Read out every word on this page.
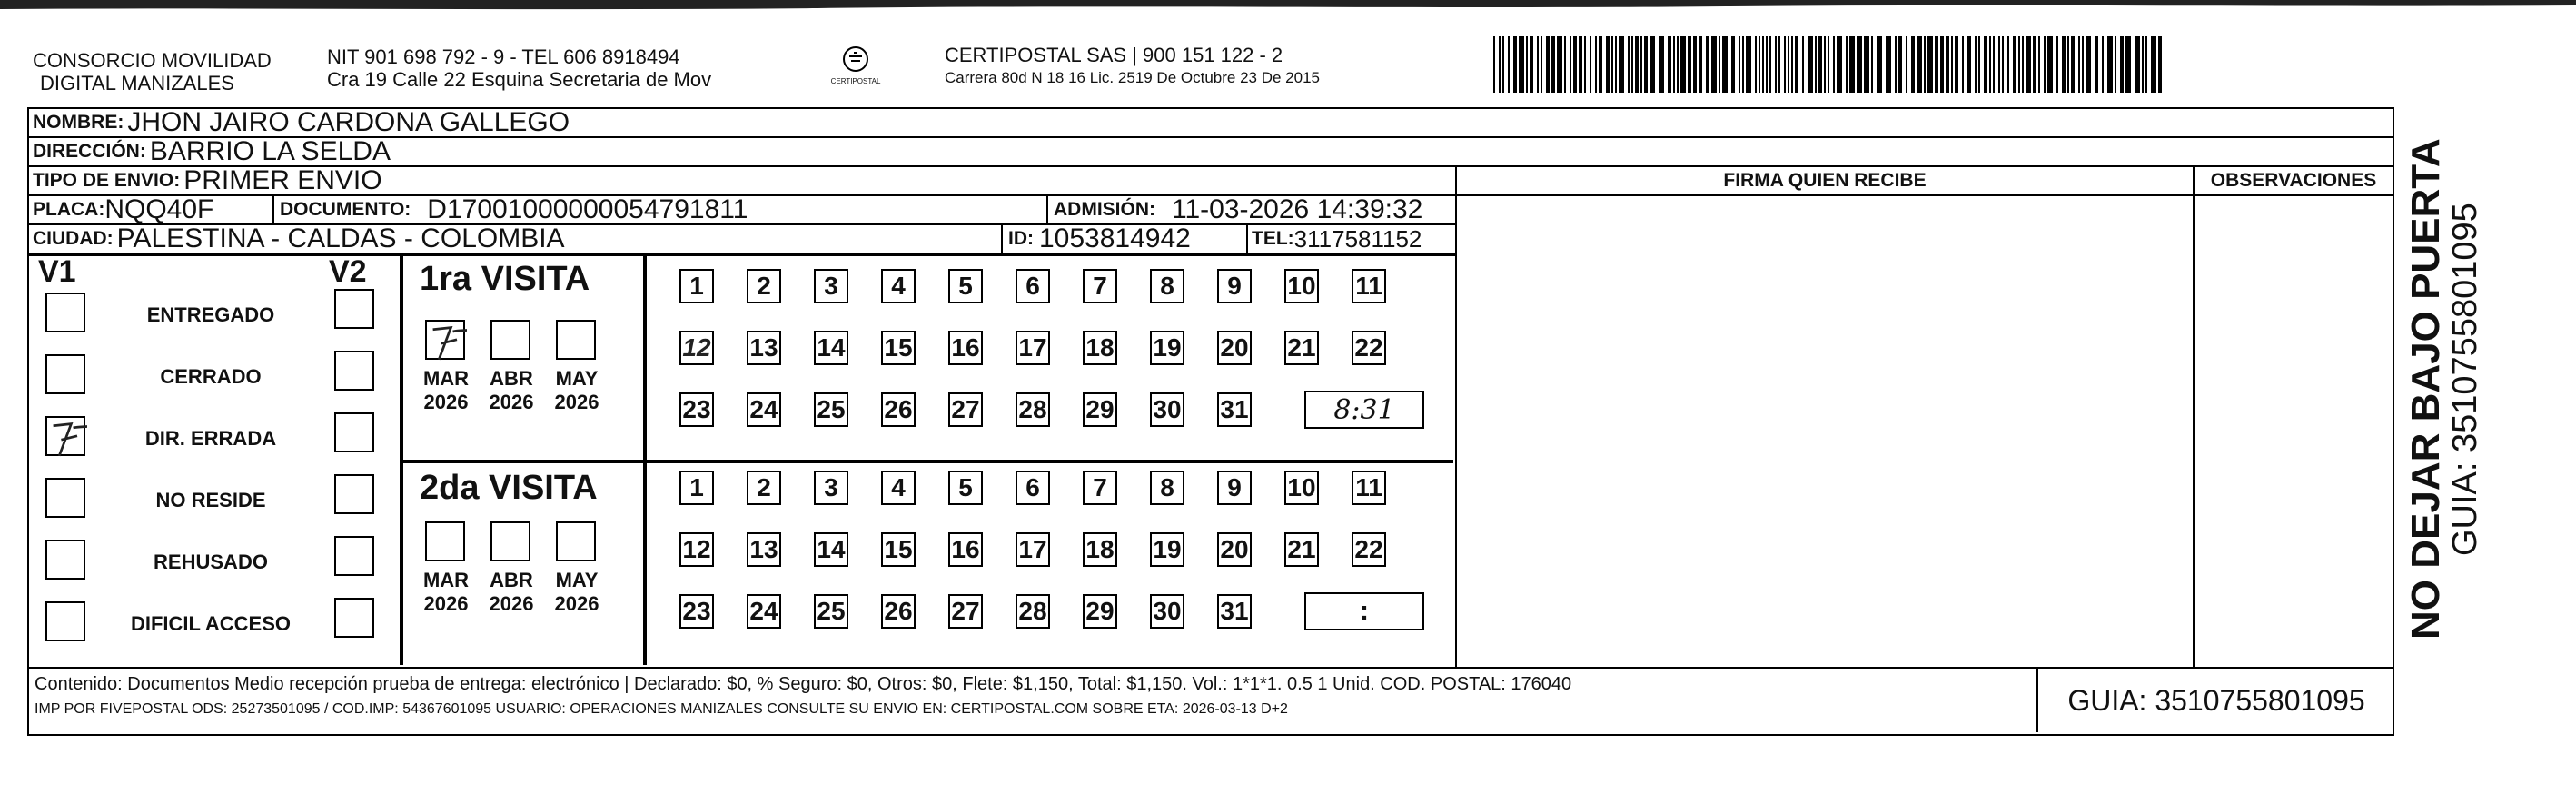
CONSORCIO MOVILIDAD
DIGITAL MANIZALES
NIT 901 698 792 - 9 - TEL 606 8918494
Cra 19 Calle 22 Esquina Secretaria de Mov	CERTIPOSTAL
CERTIPOSTAL SAS | 900 151 122 - 2
Carrera 80d N 18 16 Lic. 2519 De Octubre 23 De 2015
NOMBRE: JHON JAIRO CARDONA GALLEGO
DIRECCIÓN: BARRIO LA SELDA
TIPO DE ENVIO: PRIMER ENVIO
PLACA: NQQ40F	DOCUMENTO: D17001000000054791811	ADMISIÓN: 11-03-2026 14:39:32
CIUDAD: PALESTINA - CALDAS - COLOMBIA	ID: 1053814942	TEL: 3117581152
FIRMA QUIEN RECIBE	OBSERVACIONES
V1	V2
ENTREGADO
CERRADO
DIR. ERRADA
NO RESIDE
REHUSADO
DIFICIL ACCESO
1ra VISITA
2da VISITA
MAR
2026
ABR
2026
MAY
2026
MAR
2026
ABR
2026
MAY
2026
1	2	3	4	5	6	7	8	9	10 11
12 13 14 15 16 17 18 19 20 21 22
23 24 25 26 27 28 29 30 31	8:31
1	2	3	4	5	6	7	8	9	10 11
12 13 14 15 16 17 18 19 20 21 22
23 24 25 26 27 28 29 30 31	:
Contenido: Documentos Medio recepción prueba de entrega: electrónico | Declarado: $0, % Seguro: $0, Otros: $0, Flete: $1,150, Total: $1,150. Vol.: 1*1*1. 0.5 1 Unid. COD. POSTAL: 176040
IMP POR FIVEPOSTAL ODS: 25273501095 / COD.IMP: 54367601095 USUARIO: OPERACIONES MANIZALES CONSULTE SU ENVIO EN: CERTIPOSTAL.COM SOBRE ETA: 2026-03-13 D+2	GUIA: 3510755801095
NO DEJAR BAJO PUERTA
GUIA: 3510755801095
